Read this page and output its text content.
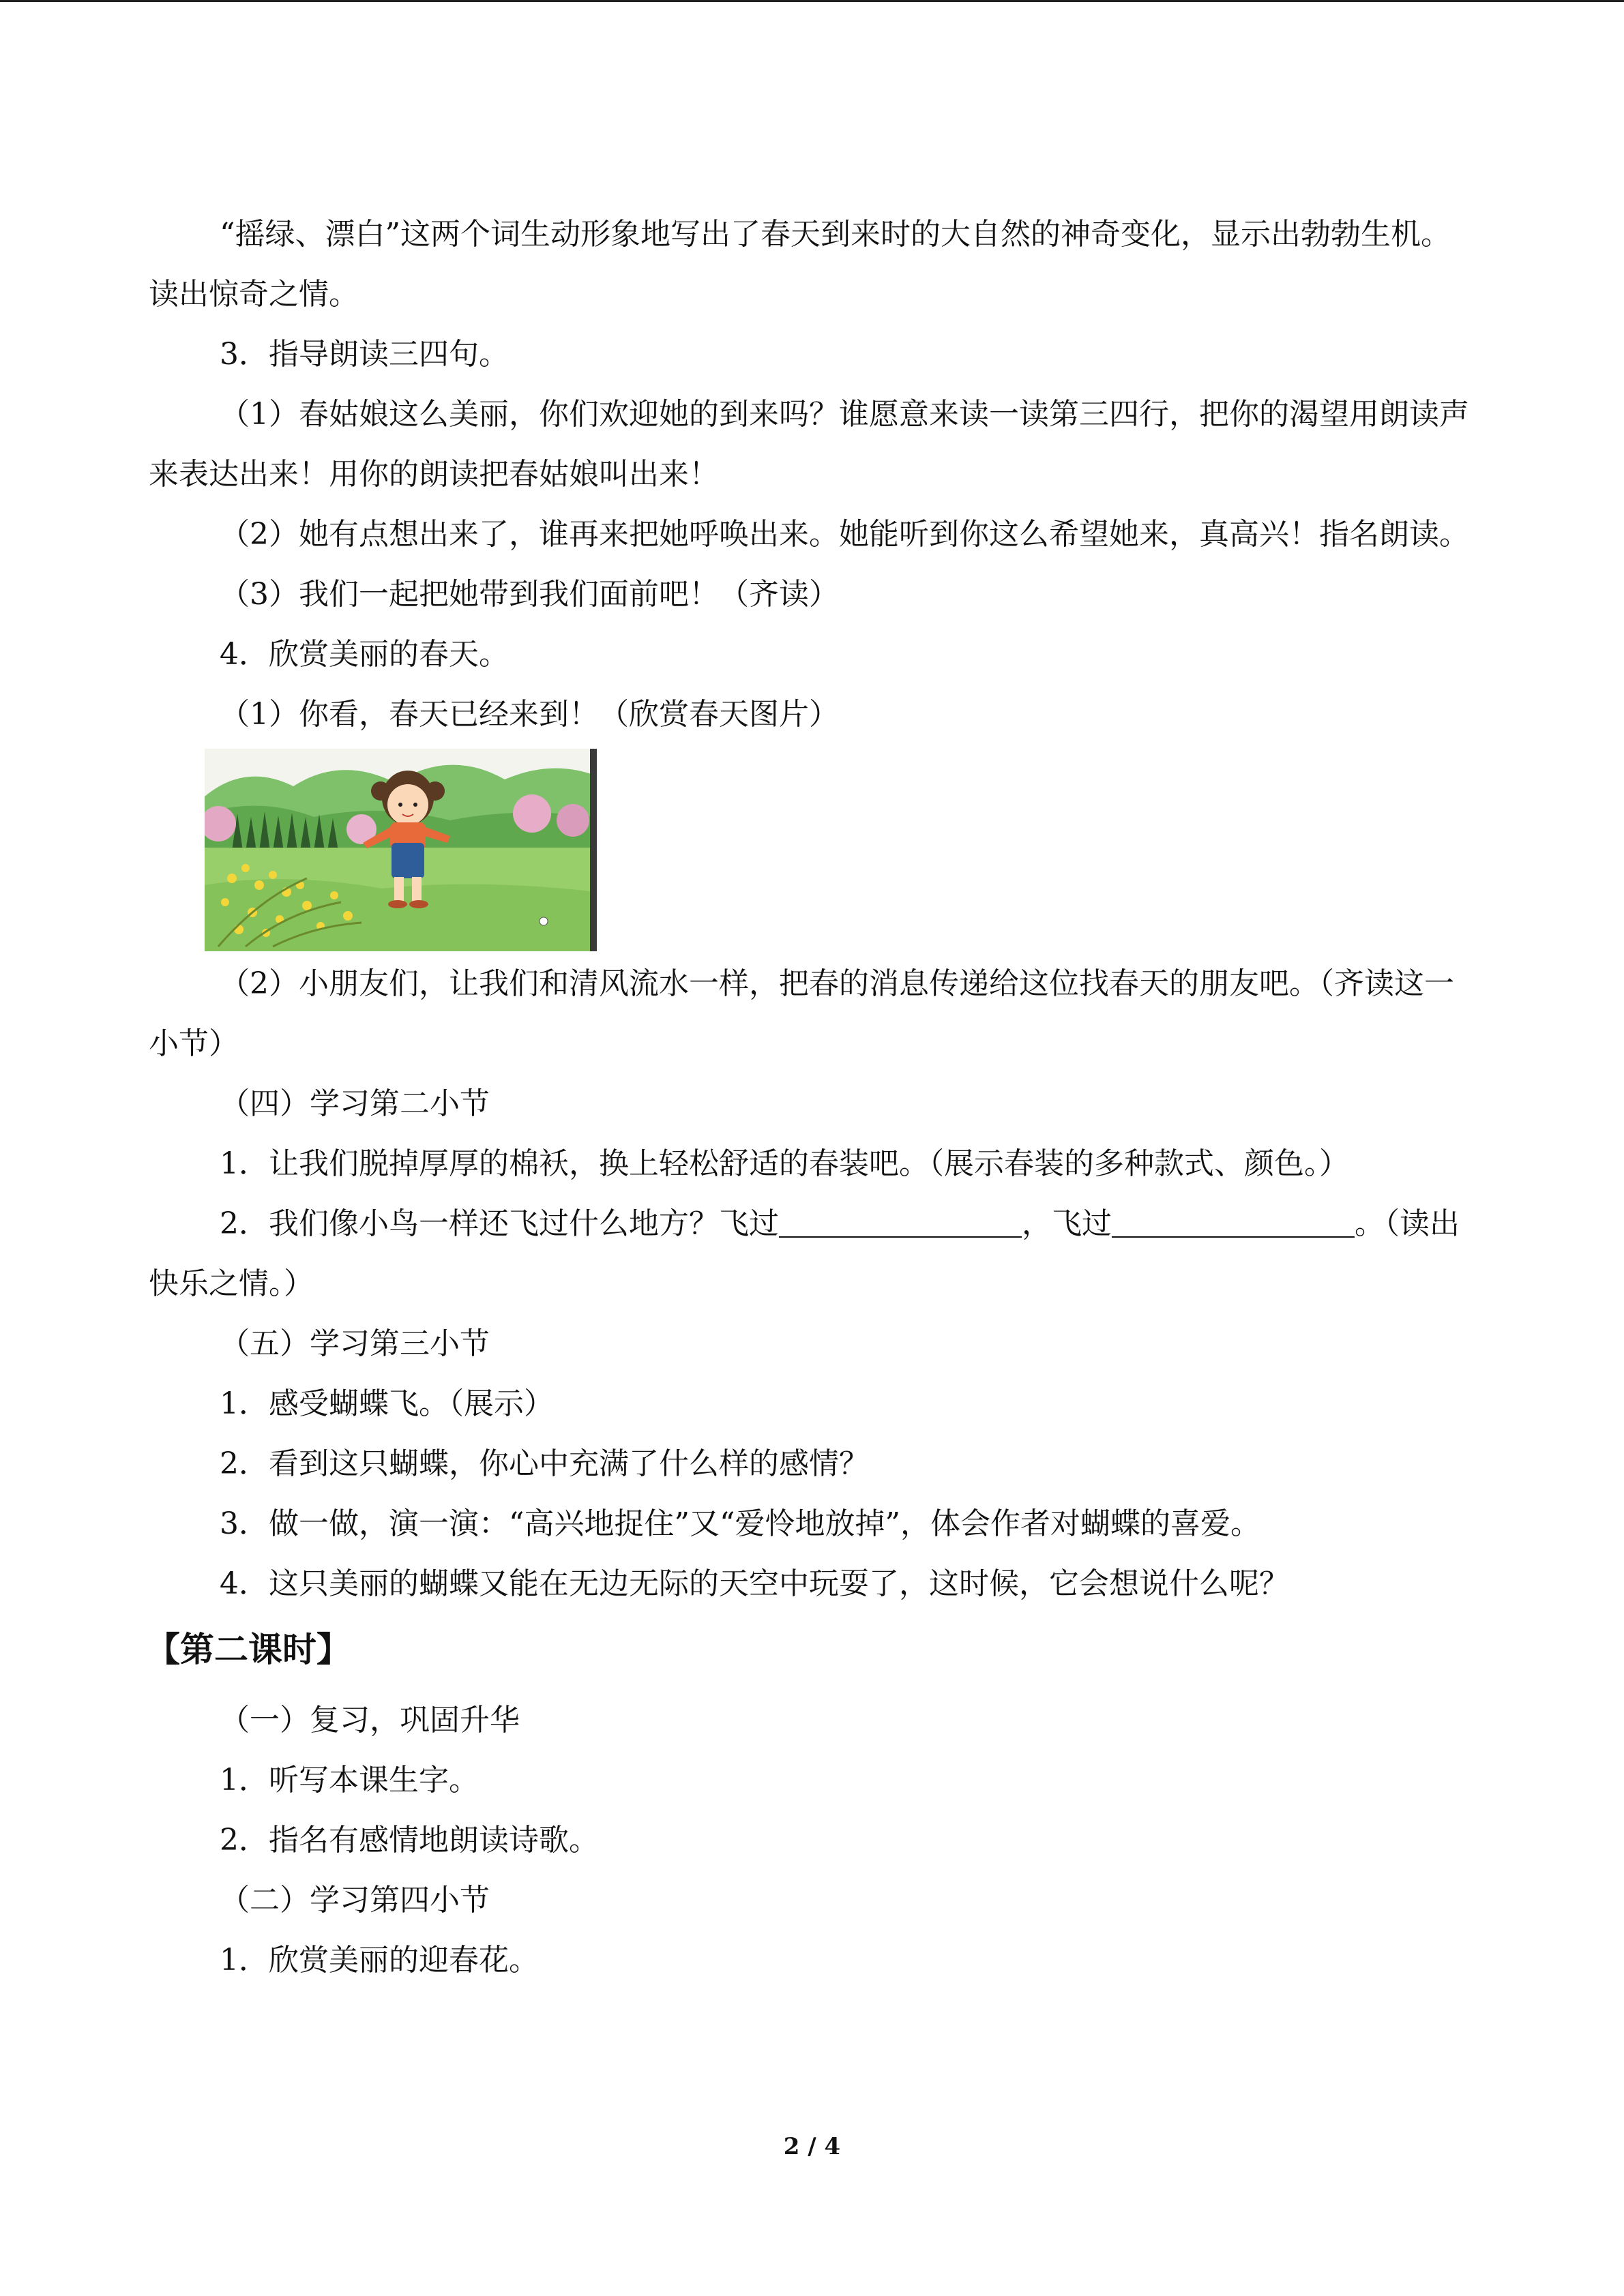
“摇绿、漂白”这两个词生动形象地写出了春天到来时的大自然的神奇变化，显示出勃勃生机。读出惊奇之情。

3．指导朗读三四句。

（1）春姑娘这么美丽，你们欢迎她的到来吗？谁愿意来读一读第三四行，把你的渴望用朗读声来表达出来！用你的朗读把春姑娘叫出来！

（2）她有点想出来了，谁再来把她呼唤出来。她能听到你这么希望她来，真高兴！指名朗读。

（3）我们一起把她带到我们面前吧！（齐读）

4．欣赏美丽的春天。

（1）你看，春天已经来到！（欣赏春天图片）

（2）小朋友们，让我们和清风流水一样，把春的消息传递给这位找春天的朋友吧。（齐读这一小节）

（四）学习第二小节

1．让我们脱掉厚厚的棉袄，换上轻松舒适的春装吧。（展示春装的多种款式、颜色。）

2．我们像小鸟一样还飞过什么地方？飞过	，飞过	。（读出快乐之情。）

（五）学习第三小节

1．感受蝴蝶飞。（展示）

2．看到这只蝴蝶，你心中充满了什么样的感情？

3．做一做，演一演：“高兴地捉住”又“爱怜地放掉”，体会作者对蝴蝶的喜爱。

4．这只美丽的蝴蝶又能在无边无际的天空中玩耍了，这时候，它会想说什么呢？

【第二课时】

（一）复习，巩固升华

1．听写本课生字。

2．指名有感情地朗读诗歌。

（二）学习第四小节

1．欣赏美丽的迎春花。

2 / 4
